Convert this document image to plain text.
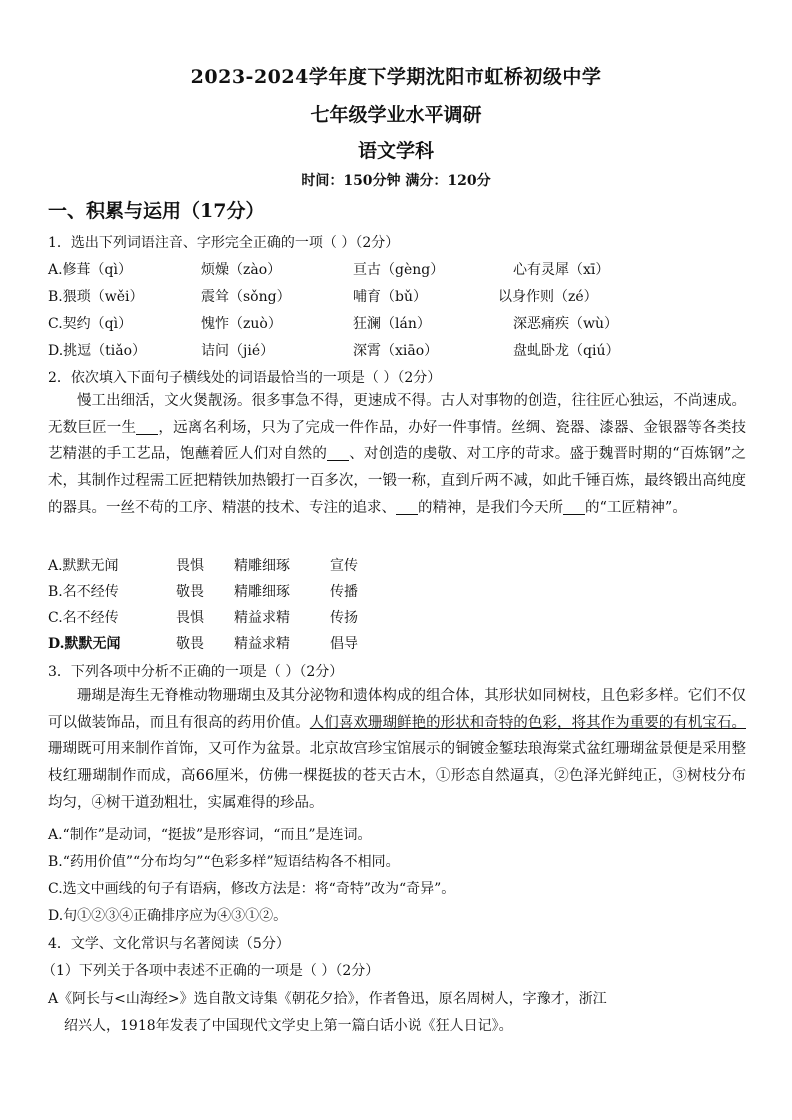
2023-2024学年度下学期沈阳市虹桥初级中学
七年级学业水平调研
语文学科
时间：150分钟 满分：120分
一、积累与运用（17分）
1．选出下列词语注音、字形完全正确的一项（ ）（2分）
A.修葺（qì）	烦燥（zào）	亘古（gèng）	心有灵犀（xī）
B.猥琐（wěi）	震耸（sǒng）	哺育（bǔ）	以身作则（zé）
C.契约（qì）	愧怍（zuò）	狂澜（lán）	深恶痛疾（wù）
D.挑逗（tiǎo）	诘问（jié）	深霄（xiāo）	盘虬卧龙（qiú）
2．依次填入下面句子横线处的词语最恰当的一项是（ ）（2分）
慢工出细活，文火煲靓汤。很多事急不得，更速成不得。古人对事物的创造，往往匠心独运，不尚速成。无数巨匠一生 ，远离名利场，只为了完成一件作品，办好一件事情。丝绸、瓷器、漆器、金银器等各类技艺精湛的手工艺品，饱蘸着匠人们对自然的 、对创造的虔敬、对工序的苛求。盛于魏晋时期的“百炼钢”之术，其制作过程需工匠把精铁加热锻打一百多次，一锻一称，直到斤两不减，如此千锤百炼，最终锻出高纯度的器具。一丝不苟的工序、精湛的技术、专注的追求、 的精神，是我们今天所 的“工匠精神”。
A.默默无闻	畏惧 精雕细琢	宣传
B.名不经传	敬畏 精雕细琢	传播
C.名不经传	畏惧 精益求精	传扬
D.默默无闻	敬畏 精益求精	倡导
3．下列各项中分析不正确的一项是（ ）（2分）
珊瑚是海生无脊椎动物珊瑚虫及其分泌物和遗体构成的组合体，其形状如同树枝，且色彩多样。它们不仅可以做装饰品，而且有很高的药用价值。人们喜欢珊瑚鲜艳的形状和奇特的色彩，将其作为重要的有机宝石。珊瑚既可用来制作首饰，又可作为盆景。北京故宫珍宝馆展示的铜镀金錾珐琅海棠式盆红珊瑚盆景便是采用整枝红珊瑚制作而成，高66厘米，仿佛一棵挺拔的苍天古木，①形态自然逼真，②色泽光鲜纯正，③树枝分布均匀，④树干道劲粗壮，实属难得的珍品。
A.“制作”是动词，“挺拔”是形容词，“而且”是连词。
B.“药用价值”“分布均匀”“色彩多样”短语结构各不相同。
C.选文中画线的句子有语病，修改方法是：将“奇特”改为“奇异”。
D.句①②③④正确排序应为④③①②。
4．文学、文化常识与名著阅读（5分）
（1）下列关于各项中表述不正确的一项是（ ）（2分）
A《阿长与<山海经>》选自散文诗集《朝花夕拾》，作者鲁迅，原名周树人，字豫才，浙江
绍兴人，1918年发表了中国现代文学史上第一篇白话小说《狂人日记》。
